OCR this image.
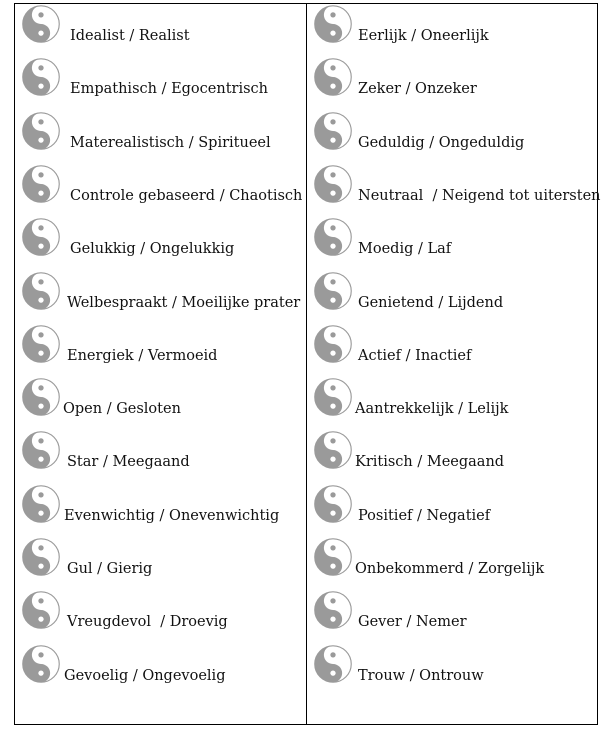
Idealist / Realist
Empathisch / Egocentrisch
Materealistisch / Spiritueel
Controle gebaseerd / Chaotisch
Gelukkig / Ongelukkig
Welbespraakt / Moeilijke prater
Energiek / Vermoeid
Open / Gesloten
Star / Meegaand
Evenwichtig / Onevenwichtig
Gul / Gierig
Vreugdevol  / Droevig
Gevoelig / Ongevoelig
Eerlijk / Oneerlijk
Zeker / Onzeker
Geduldig / Ongeduldig
Neutraal  / Neigend tot uitersten
Moedig / Laf
Genietend / Lijdend
Actief / Inactief
Aantrekkelijk / Lelijk
Kritisch / Meegaand
Positief / Negatief
Onbekommerd / Zorgelijk
Gever / Nemer
Trouw / Ontrouw
